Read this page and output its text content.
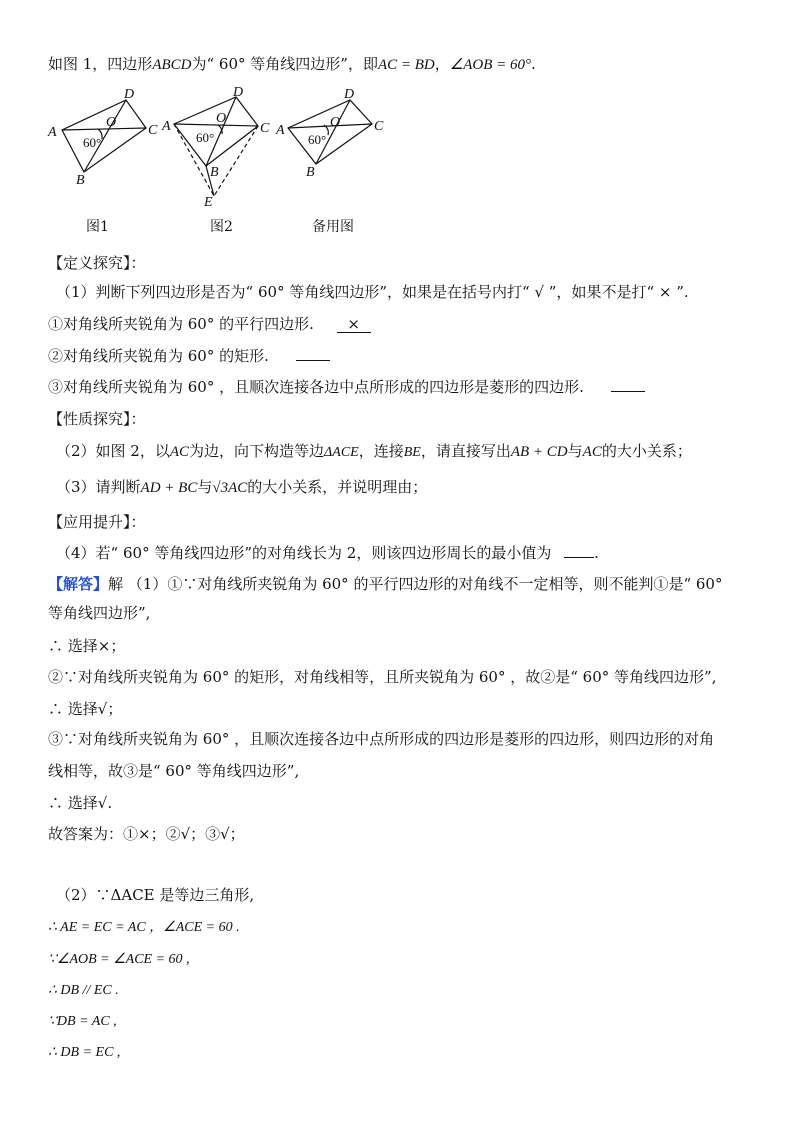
如图 1，四边形ABCD为“ 60° 等角线四边形”，即AC = BD，∠AOB = 60°.
A
D
C
B
O
60°
A
D
C
B
O
E
60°	A
D
C
B
O
60°
图1	图2	备用图
【定义探究】：
（1）判断下列四边形是否为“ 60° 等角线四边形”，如果是在括号内打“ √ ”，如果不是打“ × ”.
①对角线所夹锐角为 60° 的平行四边形. ×
②对角线所夹锐角为 60° 的矩形.
③对角线所夹锐角为 60° ，且顺次连接各边中点所形成的四边形是菱形的四边形.
【性质探究】：
（2）如图 2，以AC为边，向下构造等边ΔACE，连接BE，请直接写出AB + CD与AC的大小关系；
（3）请判断AD + BC与√3AC的大小关系，并说明理由；
【应用提升】：
（4）若“ 60° 等角线四边形”的对角线长为 2，则该四边形周长的最小值为	.
【解答】解 （1）①∵对角线所夹锐角为 60° 的平行四边形的对角线不一定相等，则不能判①是“ 60°
等角线四边形”,
∴ 选择×；
②∵对角线所夹锐角为 60° 的矩形，对角线相等，且所夹锐角为 60° ，故②是“ 60° 等角线四边形”,
∴ 选择√；
③∵对角线所夹锐角为 60° ，且顺次连接各边中点所形成的四边形是菱形的四边形，则四边形的对角
线相等，故③是“ 60° 等角线四边形”,
∴ 选择√.
故答案为：①×；②√；③√；
（2）∵ΔACE 是等边三角形,
∴ AE = EC = AC ，∠ACE = 60 .
∵∠AOB = ∠ACE = 60 ,
∴ DB // EC .
∵DB = AC ,
∴ DB = EC ,
